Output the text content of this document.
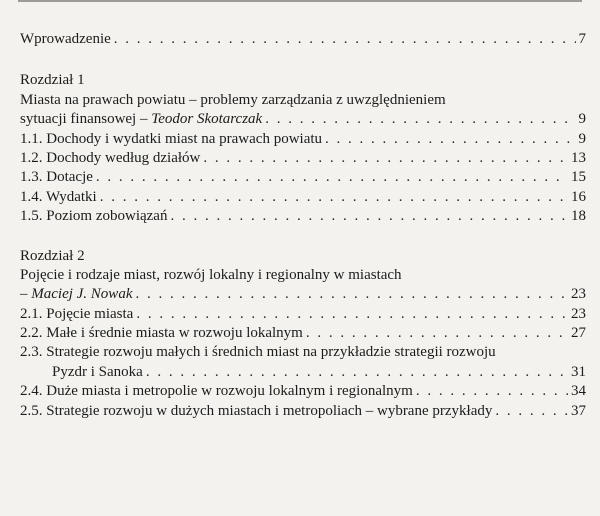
Wprowadzenie . . .	7
Rozdział 1
Miasta na prawach powiatu – problemy zarządzania z uwzględnieniem
sytuacji finansowej – Teodor Skotarczak . . .	9
1.1. Dochody i wydatki miast na prawach powiatu . . .	9
1.2. Dochody według działów . . .	13
1.3. Dotacje . . .	15
1.4. Wydatki . . .	16
1.5. Poziom zobowiązań . . .	18
Rozdział 2
Pojęcie i rodzaje miast, rozwój lokalny i regionalny w miastach
– Maciej J. Nowak . . .	23
2.1. Pojęcie miasta . . .	23
2.2. Małe i średnie miasta w rozwoju lokalnym . . .	27
2.3. Strategie rozwoju małych i średnich miast na przykładzie strategii rozwoju
Pyzdr i Sanoka . . .	31
2.4. Duże miasta i metropolie w rozwoju lokalnym i regionalnym . . .	34
2.5. Strategie rozwoju w dużych miastach i metropoliach – wybrane przykłady . . .	37
